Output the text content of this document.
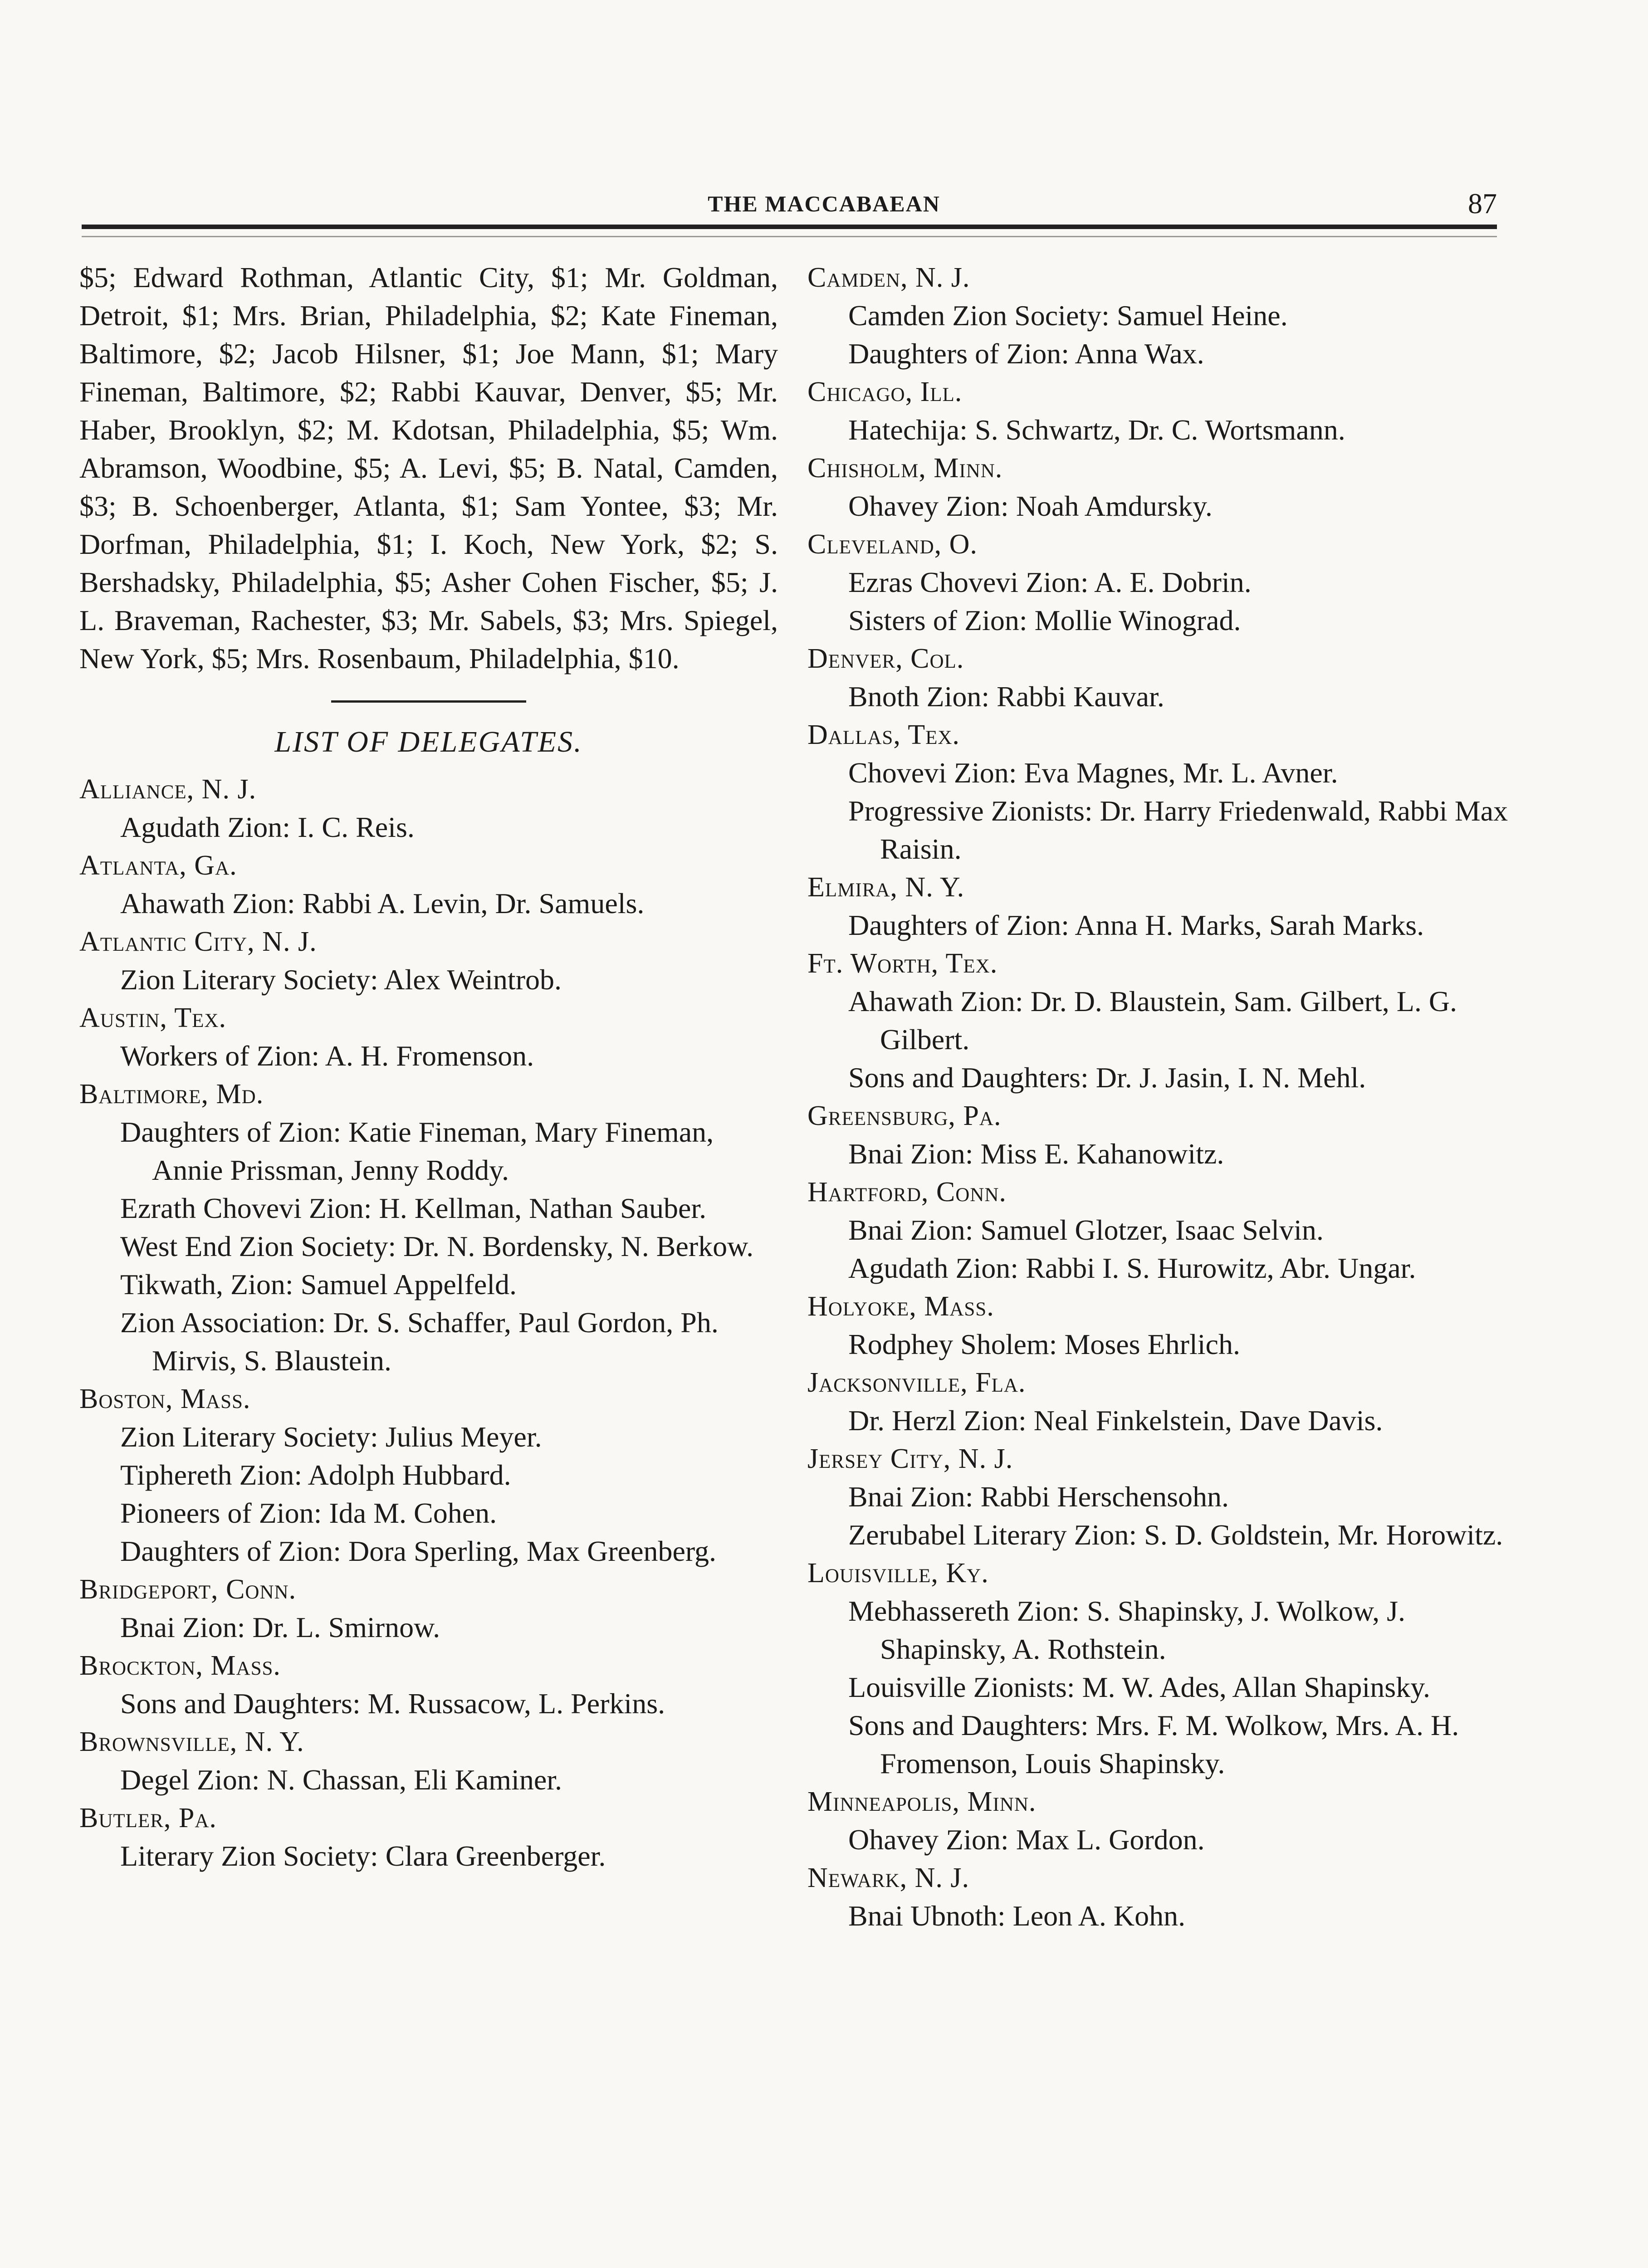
THE MACCABAEAN	87

$5; Edward Rothman, Atlantic City, $1; Mr. Goldman, Detroit, $1; Mrs. Brian, Philadelphia, $2; Kate Fineman, Baltimore, $2; Jacob Hilsner, $1; Joe Mann, $1; Mary Fineman, Baltimore, $2; Rabbi Kauvar, Denver, $5; Mr. Haber, Brooklyn, $2; M. Kdotsan, Philadelphia, $5; Wm. Abramson, Woodbine, $5; A. Levi, $5; B. Natal, Camden, $3; B. Schoenberger, Atlanta, $1; Sam Yontee, $3; Mr. Dorfman, Philadelphia, $1; I. Koch, New York, $2; S. Bershadsky, Philadelphia, $5; Asher Cohen Fischer, $5; J. L. Braveman, Rachester, $3; Mr. Sabels, $3; Mrs. Spiegel, New York, $5; Mrs. Rosenbaum, Philadelphia, $10.

LIST OF DELEGATES.

Alliance, N. J.

Agudath Zion: I. C. Reis.

Atlanta, Ga.

Ahawath Zion: Rabbi A. Levin, Dr. Samuels.

Atlantic City, N. J.

Zion Literary Society: Alex Weintrob.

Austin, Tex.

Workers of Zion: A. H. Fromenson.

Baltimore, Md.

Daughters of Zion: Katie Fineman, Mary Fineman, Annie Prissman, Jenny Roddy.

Ezrath Chovevi Zion: H. Kellman, Nathan Sauber.

West End Zion Society: Dr. N. Bordensky, N. Berkow.

Tikwath, Zion: Samuel Appelfeld.

Zion Association: Dr. S. Schaffer, Paul Gordon, Ph. Mirvis, S. Blaustein.

Boston, Mass.

Zion Literary Society: Julius Meyer.

Tiphereth Zion: Adolph Hubbard.

Pioneers of Zion: Ida M. Cohen.

Daughters of Zion: Dora Sperling, Max Greenberg.

Bridgeport, Conn.

Bnai Zion: Dr. L. Smirnow.

Brockton, Mass.

Sons and Daughters: M. Russacow, L. Perkins.

Brownsville, N. Y.

Degel Zion: N. Chassan, Eli Kaminer.

Butler, Pa.

Literary Zion Society: Clara Greenberger.

Camden, N. J.

Camden Zion Society: Samuel Heine.

Daughters of Zion: Anna Wax.

Chicago, Ill.

Hatechija: S. Schwartz, Dr. C. Wortsmann.

Chisholm, Minn.

Ohavey Zion: Noah Amdursky.

Cleveland, O.

Ezras Chovevi Zion: A. E. Dobrin.

Sisters of Zion: Mollie Winograd.

Denver, Col.

Bnoth Zion: Rabbi Kauvar.

Dallas, Tex.

Chovevi Zion: Eva Magnes, Mr. L. Avner.

Progressive Zionists: Dr. Harry Friedenwald, Rabbi Max Raisin.

Elmira, N. Y.

Daughters of Zion: Anna H. Marks, Sarah Marks.

Ft. Worth, Tex.

Ahawath Zion: Dr. D. Blaustein, Sam. Gilbert, L. G. Gilbert.

Sons and Daughters: Dr. J. Jasin, I. N. Mehl.

Greensburg, Pa.

Bnai Zion: Miss E. Kahanowitz.

Hartford, Conn.

Bnai Zion: Samuel Glotzer, Isaac Selvin.

Agudath Zion: Rabbi I. S. Hurowitz, Abr. Ungar.

Holyoke, Mass.

Rodphey Sholem: Moses Ehrlich.

Jacksonville, Fla.

Dr. Herzl Zion: Neal Finkelstein, Dave Davis.

Jersey City, N. J.

Bnai Zion: Rabbi Herschensohn.

Zerubabel Literary Zion: S. D. Goldstein, Mr. Horowitz.

Louisville, Ky.

Mebhassereth Zion: S. Shapinsky, J. Wolkow, J. Shapinsky, A. Rothstein.

Louisville Zionists: M. W. Ades, Allan Shapinsky.

Sons and Daughters: Mrs. F. M. Wolkow, Mrs. A. H. Fromenson, Louis Shapinsky.

Minneapolis, Minn.

Ohavey Zion: Max L. Gordon.

Newark, N. J.

Bnai Ubnoth: Leon A. Kohn.
